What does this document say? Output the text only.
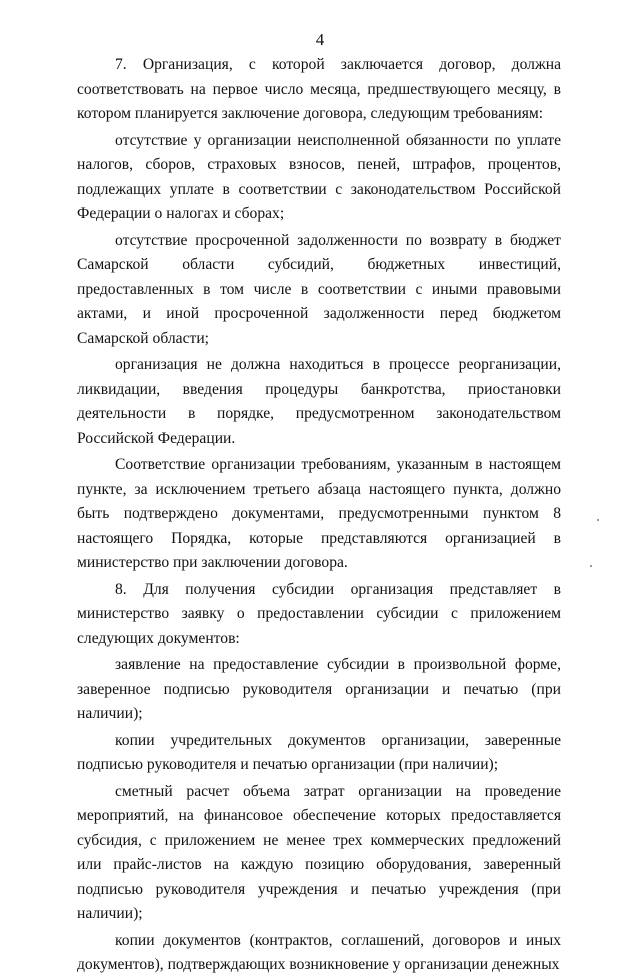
4

7. Организация, с которой заключается договор, должна соответствовать на первое число месяца, предшествующего месяцу, в котором планируется заключение договора, следующим требованиям:

отсутствие у организации неисполненной обязанности по уплате налогов, сборов, страховых взносов, пеней, штрафов, процентов, подлежащих уплате в соответствии с законодательством Российской Федерации о налогах и сборах;

отсутствие просроченной задолженности по возврату в бюджет Самарской области субсидий, бюджетных инвестиций, предоставленных в том числе в соответствии с иными правовыми актами, и иной просроченной задолженности перед бюджетом Самарской области;

организация не должна находиться в процессе реорганизации, ликвидации, введения процедуры банкротства, приостановки деятельности в порядке, предусмотренном законодательством Российской Федерации.

Соответствие организации требованиям, указанным в настоящем пункте, за исключением третьего абзаца настоящего пункта, должно быть подтверждено документами, предусмотренными пунктом 8 настоящего Порядка, которые представляются организацией в министерство при заключении договора.

8. Для получения субсидии организация представляет в министерство заявку о предоставлении субсидии с приложением следующих документов:

заявление на предоставление субсидии в произвольной форме, заверенное подписью руководителя организации и печатью (при наличии);

копии учредительных документов организации, заверенные подписью руководителя и печатью организации (при наличии);

сметный расчет объема затрат организации на проведение мероприятий, на финансовое обеспечение которых предоставляется субсидия, с приложением не менее трех коммерческих предложений или прайс-листов на каждую позицию оборудования, заверенный подписью руководителя учреждения и печатью учреждения (при наличии);

копии документов (контрактов, соглашений, договоров и иных документов), подтверждающих возникновение у организации денежных
